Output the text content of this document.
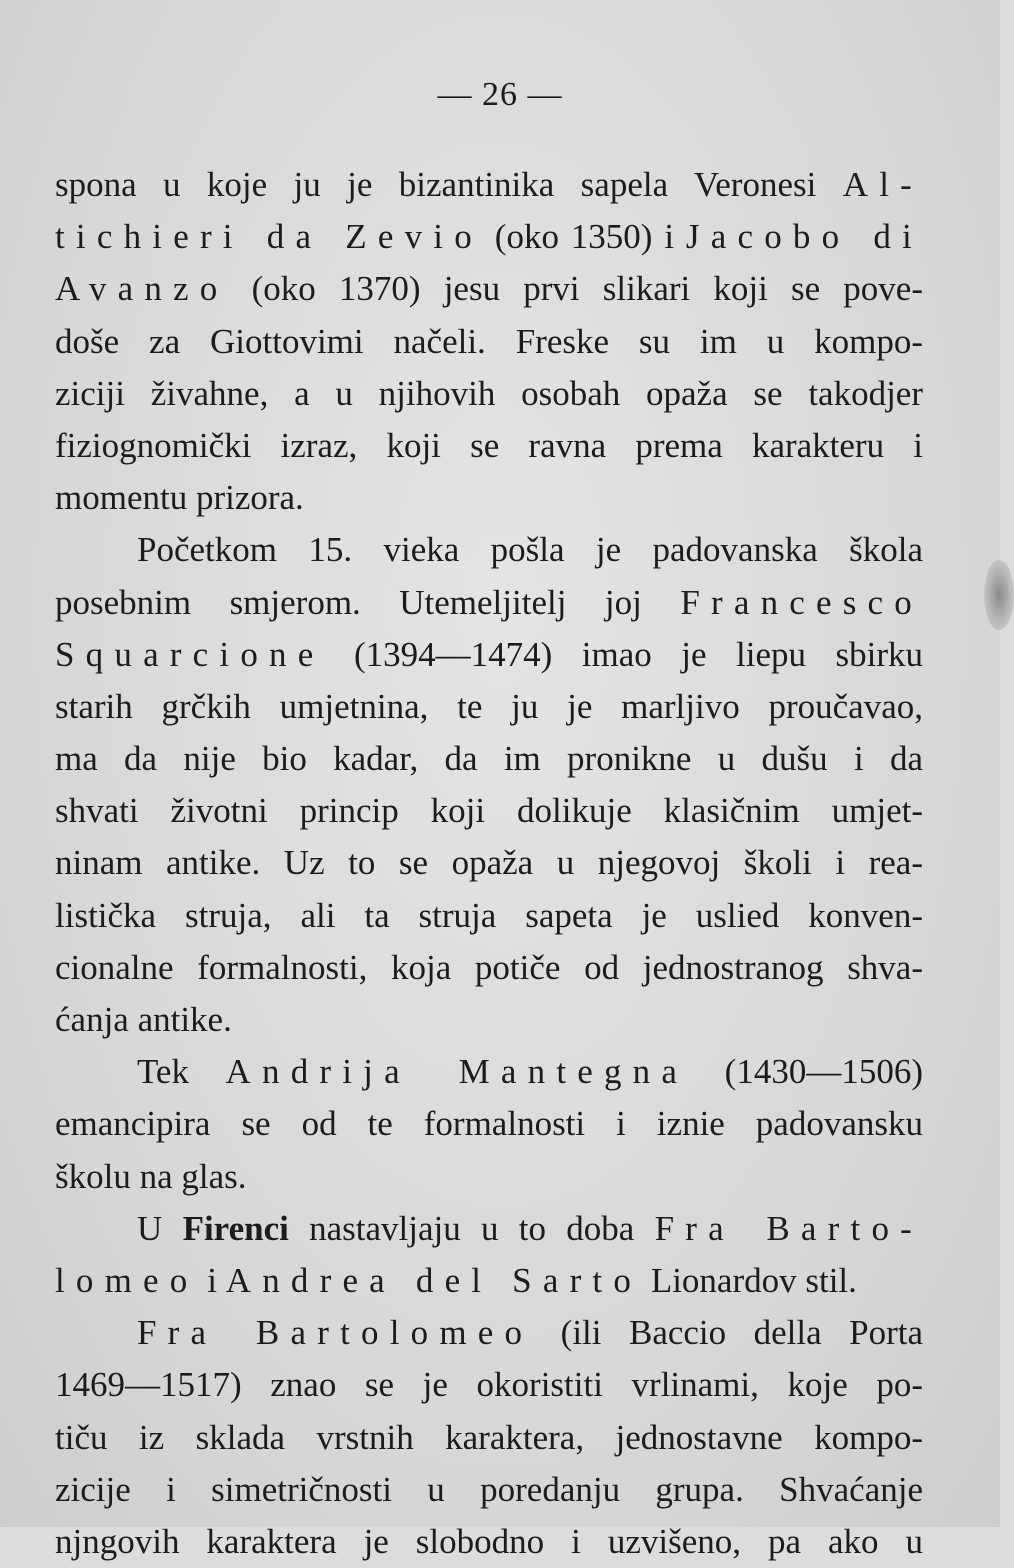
— 26 —
spona u koje ju je bizantinika sapela Veronesi Al-
tichieri da Zevio (oko 1350) i Jacobo di
Avanzo (oko 1370) jesu prvi slikari koji se pove-
doše za Giottovimi načeli. Freske su im u kompo-
ziciji živahne, a u njihovih osobah opaža se takodjer
fiziognomički izraz, koji se ravna prema karakteru i
momentu prizora.
Početkom 15. vieka pošla je padovanska škola
posebnim smjerom. Utemeljitelj joj Francesco
Squarcione (1394—1474) imao je liepu sbirku
starih grčkih umjetnina, te ju je marljivo proučavao,
ma da nije bio kadar, da im pronikne u dušu i da
shvati životni princip koji dolikuje klasičnim umjet-
ninam antike. Uz to se opaža u njegovoj školi i rea-
listička struja, ali ta struja sapeta je uslied konven-
cionalne formalnosti, koja potiče od jednostranog shva-
ćanja antike.
Tek Andrija Mantegna (1430—1506)
emancipira se od te formalnosti i iznie padovansku
školu na glas.
U Firenci nastavljaju u to doba Fra Barto-
lomeo i Andrea del Sarto Lionardov stil.
Fra Bartolomeo (ili Baccio della Porta
1469—1517) znao se je okoristiti vrlinami, koje po-
tiču iz sklada vrstnih karaktera, jednostavne kompo-
zicije i simetričnosti u poredanju grupa. Shvaćanje
njngovih karaktera je slobodno i uzvišeno, pa ako u
